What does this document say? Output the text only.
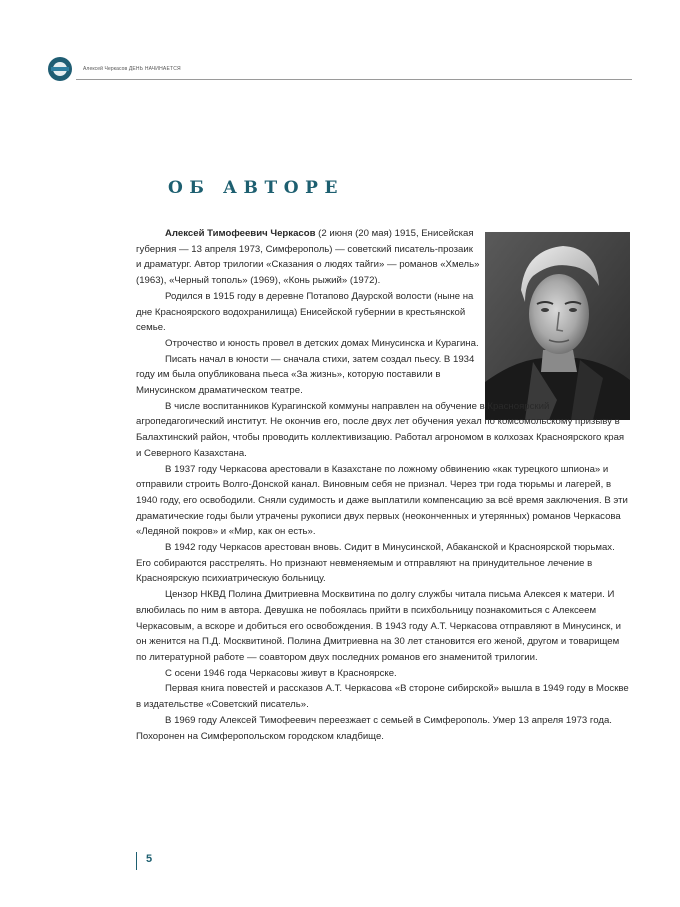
Алексей Черкасов ДЕНЬ НАЧИНАЕТСЯ
ОБ АВТОРЕ

Алексей Тимофеевич Черкасов (2 июня (20 мая) 1915, Енисейская губерния — 13 апреля 1973, Симферополь) — советский писатель-прозаик и драматург. Автор трилогии «Сказания о людях тайги» — романов «Хмель» (1963), «Черный тополь» (1969), «Конь рыжий» (1972).

Родился в 1915 году в деревне Потапово Даурской волости (ныне на дне Красноярского водохранилища) Енисейской губернии в крестьянской семье.

Отрочество и юность провел в детских домах Минусинска и Курагина.

Писать начал в юности — сначала стихи, затем создал пьесу. В 1934 году им была опубликована пьеса «За жизнь», которую поставили в Минусинском драматическом театре.

В числе воспитанников Курагинской коммуны направлен на обучение в Красноярский агропедагогический институт. Не окончив его, после двух лет обучения уехал по комсомольскому призыву в Балахтинский район, чтобы проводить коллективизацию. Работал агрономом в колхозах Красноярского края и Северного Казахстана.

В 1937 году Черкасова арестовали в Казахстане по ложному обвинению «как турецкого шпиона» и отправили строить Волго-Донской канал. Виновным себя не признал. Через три года тюрьмы и лагерей, в 1940 году, его освободили. Сняли судимость и даже выплатили компенсацию за всё время заключения. В эти драматические годы были утрачены рукописи двух первых (неоконченных и утерянных) романов Черкасова «Ледяной покров» и «Мир, как он есть».

В 1942 году Черкасов арестован вновь. Сидит в Минусинской, Абаканской и Красноярской тюрьмах. Его собираются расстрелять. Но признают невменяемым и отправляют на принудительное лечение в Красноярскую психиатрическую больницу.

Цензор НКВД Полина Дмитриевна Москвитина по долгу службы читала письма Алексея к матери. И влюбилась по ним в автора. Девушка не побоялась прийти в психбольницу познакомиться с Алексеем Черкасовым, а вскоре и добиться его освобождения. В 1943 году А.Т. Черкасова отправляют в Минусинск, и он женится на П.Д. Москвитиной. Полина Дмитриевна на 30 лет становится его женой, другом и товарищем по литературной работе — соавтором двух последних романов его знаменитой трилогии.

С осени 1946 года Черкасовы живут в Красноярске.

Первая книга повестей и рассказов А.Т. Черкасова «В стороне сибирской» вышла в 1949 году в Москве в издательстве «Советский писатель».

В 1969 году Алексей Тимофеевич переезжает с семьей в Симферополь. Умер 13 апреля 1973 года. Похоронен на Симферопольском городском кладбище.

5
